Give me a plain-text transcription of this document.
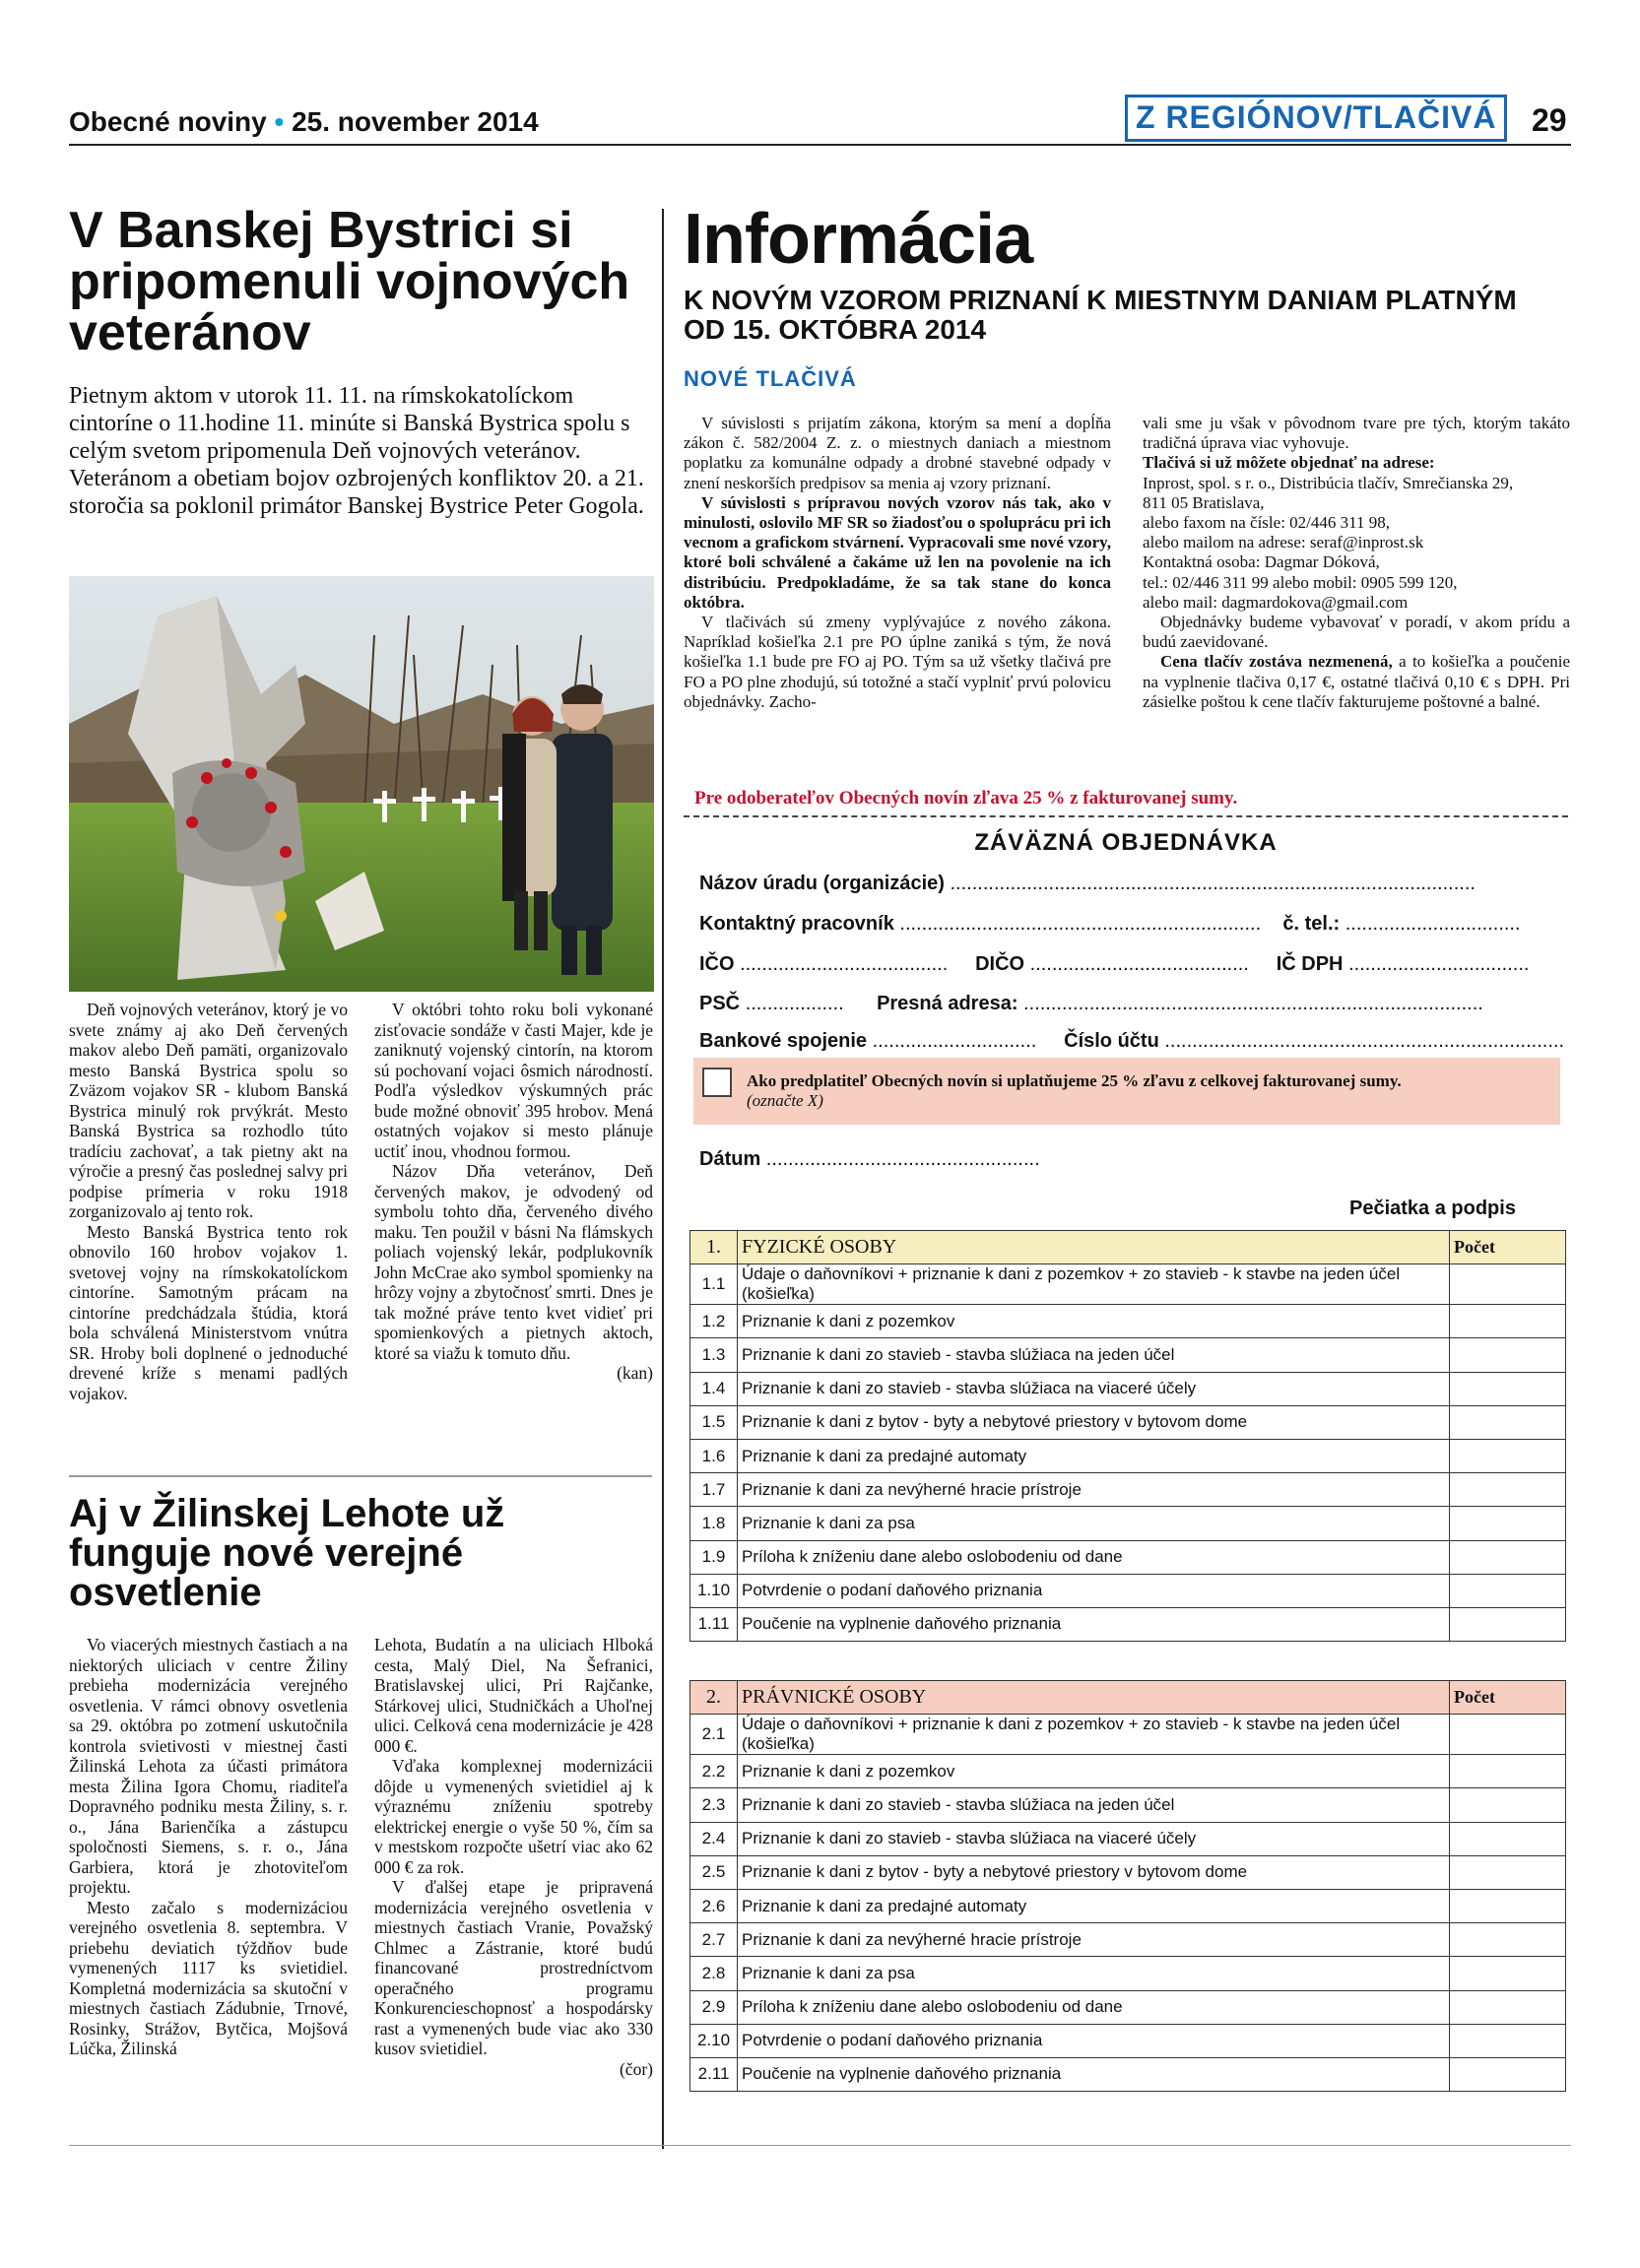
Obecné noviny • 25. november 2014	Z REGIÓNOV/TLAČIVÁ	29
V Banskej Bystrici si pripomenuli vojnových veteránov
Pietnym aktom v utorok 11. 11. na rímskokatolíckom cintoríne o 11.hodine 11. minúte si Banská Bystrica spolu s celým svetom pripomenula Deň vojnových veteránov. Veteránom a obetiam bojov ozbrojených konfliktov 20. a 21. storočia sa poklonil primátor Banskej Bystrice Peter Gogola.

Deň vojnových veteránov, ktorý je vo svete známy aj ako Deň červených makov alebo Deň pamäti, organizovalo mesto Banská Bystrica spolu so Zväzom vojakov SR - klubom Banská Bystrica minulý rok prvýkrát. Mesto Banská Bystrica sa rozhodlo túto tradíciu zachovať, a tak pietny akt na výročie a presný čas poslednej salvy pri podpise prímeria v roku 1918 zorganizovalo aj tento rok.

Mesto Banská Bystrica tento rok obnovilo 160 hrobov vojakov 1. svetovej vojny na rímskokatolíckom cintoríne. Samotným prácam na cintoríne predchádzala štúdia, ktorá bola schválená Ministerstvom vnútra SR. Hroby boli doplnené o jednoduché drevené kríže s menami padlých vojakov.

V októbri tohto roku boli vykonané zisťovacie sondáže v časti Majer, kde je zaniknutý vojenský cintorín, na ktorom sú pochovaní vojaci ôsmich národností. Podľa výsledkov výskumných prác bude možné obnoviť 395 hrobov. Mená ostatných vojakov si mesto plánuje uctiť inou, vhodnou formou.

Názov Dňa veteránov, Deň červených makov, je odvodený od symbolu tohto dňa, červeného divého maku. Ten použil v básni Na flámskych poliach vojenský lekár, podplukovník John McCrae ako symbol spomienky na hrôzy vojny a zbytočnosť smrti. Dnes je tak možné práve tento kvet vidieť pri spomienkových a pietnych aktoch, ktoré sa viažu k tomuto dňu.

(kan)

Aj v Žilinskej Lehote už funguje nové verejné osvetlenie

Vo viacerých miestnych častiach a na niektorých uliciach v centre Žiliny prebieha modernizácia verejného osvetlenia. V rámci obnovy osvetlenia sa 29. októbra po zotmení uskutočnila kontrola svietivosti v miestnej časti Žilinská Lehota za účasti primátora mesta Žilina Igora Chomu, riaditeľa Dopravného podniku mesta Žiliny, s. r. o., Jána Barienčíka a zástupcu spoločnosti Siemens, s. r. o., Jána Garbiera, ktorá je zhotoviteľom projektu.

Mesto začalo s modernizáciou verejného osvetlenia 8. septembra. V priebehu deviatich týždňov bude vymenených 1117 ks svietidiel. Kompletná modernizácia sa skutoční v miestnych častiach Zádubnie, Trnové, Rosinky, Strážov, Bytčica, Mojšová Lúčka, Žilinská

Lehota, Budatín a na uliciach Hlboká cesta, Malý Diel, Na Šefranici, Bratislavskej ulici, Pri Rajčanke, Stárkovej ulici, Studničkách a Uhoľnej ulici. Celková cena modernizácie je 428 000 €.

Vďaka komplexnej modernizácii dôjde u vymenených svietidiel aj k výraznému zníženiu spotreby elektrickej energie o vyše 50 %, čím sa v mestskom rozpočte ušetrí viac ako 62 000 € za rok.

V ďalšej etape je pripravená modernizácia verejného osvetlenia v miestnych častiach Vranie, Považský Chlmec a Zástranie, ktoré budú financované prostredníctvom operačného programu Konkurencieschopnosť a hospodársky rast a vymenených bude viac ako 330 kusov svietidiel.

(čor)

Informácia
K NOVÝM VZOROM PRIZNANÍ K MIESTNYM DANIAM PLATNÝM
OD 15. OKTÓBRA 2014
NOVÉ TLAČIVÁ

V súvislosti s prijatím zákona, ktorým sa mení a dopĺňa zákon č. 582/2004 Z. z. o miestnych daniach a miestnom poplatku za komunálne odpady a drobné stavebné odpady v znení neskorších predpisov sa menia aj vzory priznaní.

V súvislosti s prípravou nových vzorov nás tak, ako v minulosti, oslovilo MF SR so žiadosťou o spoluprácu pri ich vecnom a grafickom stvárnení. Vypracovali sme nové vzory, ktoré boli schválené a čakáme už len na povolenie na ich distribúciu. Predpokladáme, že sa tak stane do konca októbra.

V tlačivách sú zmeny vyplývajúce z nového zákona. Napríklad košieľka 2.1 pre PO úplne zaniká s tým, že nová košieľka 1.1 bude pre FO aj PO. Tým sa už všetky tlačivá pre FO a PO plne zhodujú, sú totožné a stačí vyplniť prvú polovicu objednávky. Zacho-

vali sme ju však v pôvodnom tvare pre tých, ktorým takáto tradičná úprava viac vyhovuje.

Tlačivá si už môžete objednať na adrese:

Inprost, spol. s r. o., Distribúcia tlačív, Smrečianska 29,

811 05 Bratislava,

alebo faxom na čísle: 02/446 311 98,

alebo mailom na adrese: seraf@inprost.sk

Kontaktná osoba: Dagmar Dóková,

tel.: 02/446 311 99 alebo mobil: 0905 599 120,

alebo mail: dagmardokova@gmail.com

Objednávky budeme vybavovať v poradí, v akom prídu a budú zaevidované.

Cena tlačív zostáva nezmenená, a to košieľka a poučenie na vyplnenie tlačiva 0,17 €, ostatné tlačivá 0,10 € s DPH. Pri zásielke poštou k cene tlačív fakturujeme poštovné a balné.

Pre odoberateľov Obecných novín zľava 25 % z fakturovanej sumy.
ZÁVÄZNÁ OBJEDNÁVKA
Názov úradu (organizácie) ................................................................................................
Kontaktný pracovník .................................................................. č. tel.: ................................
IČO ...................................... DIČO ........................................ IČ DPH .................................
PSČ .................. Presná adresa: ....................................................................................
Bankové spojenie .............................. Číslo účtu .........................................................................
Ako predplatiteľ Obecných novín si uplatňujeme 25 % zľavu z celkovej fakturovanej sumy.
(označte X)
Dátum ..................................................
Pečiatka a podpis
1.	FYZICKÉ OSOBY	Počet
1.1	Údaje o daňovníkovi + priznanie k dani z pozemkov + zo stavieb - k stavbe na jeden účel (košieľka)	
1.2	Priznanie k dani z pozemkov	
1.3	Priznanie k dani zo stavieb - stavba slúžiaca na jeden účel	
1.4	Priznanie k dani zo stavieb - stavba slúžiaca na viaceré účely	
1.5	Priznanie k dani z bytov - byty a nebytové priestory v bytovom dome	
1.6	Priznanie k dani za predajné automaty	
1.7	Priznanie k dani za nevýherné hracie prístroje	
1.8	Priznanie k dani za psa	
1.9	Príloha k zníženiu dane alebo oslobodeniu od dane	
1.10	Potvrdenie o podaní daňového priznania	
1.11	Poučenie na vyplnenie daňového priznania	
2.	PRÁVNICKÉ OSOBY	Počet
2.1	Údaje o daňovníkovi + priznanie k dani z pozemkov + zo stavieb - k stavbe na jeden účel (košieľka)	
2.2	Priznanie k dani z pozemkov	
2.3	Priznanie k dani zo stavieb - stavba slúžiaca na jeden účel	
2.4	Priznanie k dani zo stavieb - stavba slúžiaca na viaceré účely	
2.5	Priznanie k dani z bytov - byty a nebytové priestory v bytovom dome	
2.6	Priznanie k dani za predajné automaty	
2.7	Priznanie k dani za nevýherné hracie prístroje	
2.8	Priznanie k dani za psa	
2.9	Príloha k zníženiu dane alebo oslobodeniu od dane	
2.10	Potvrdenie o podaní daňového priznania	
2.11	Poučenie na vyplnenie daňového priznania	
